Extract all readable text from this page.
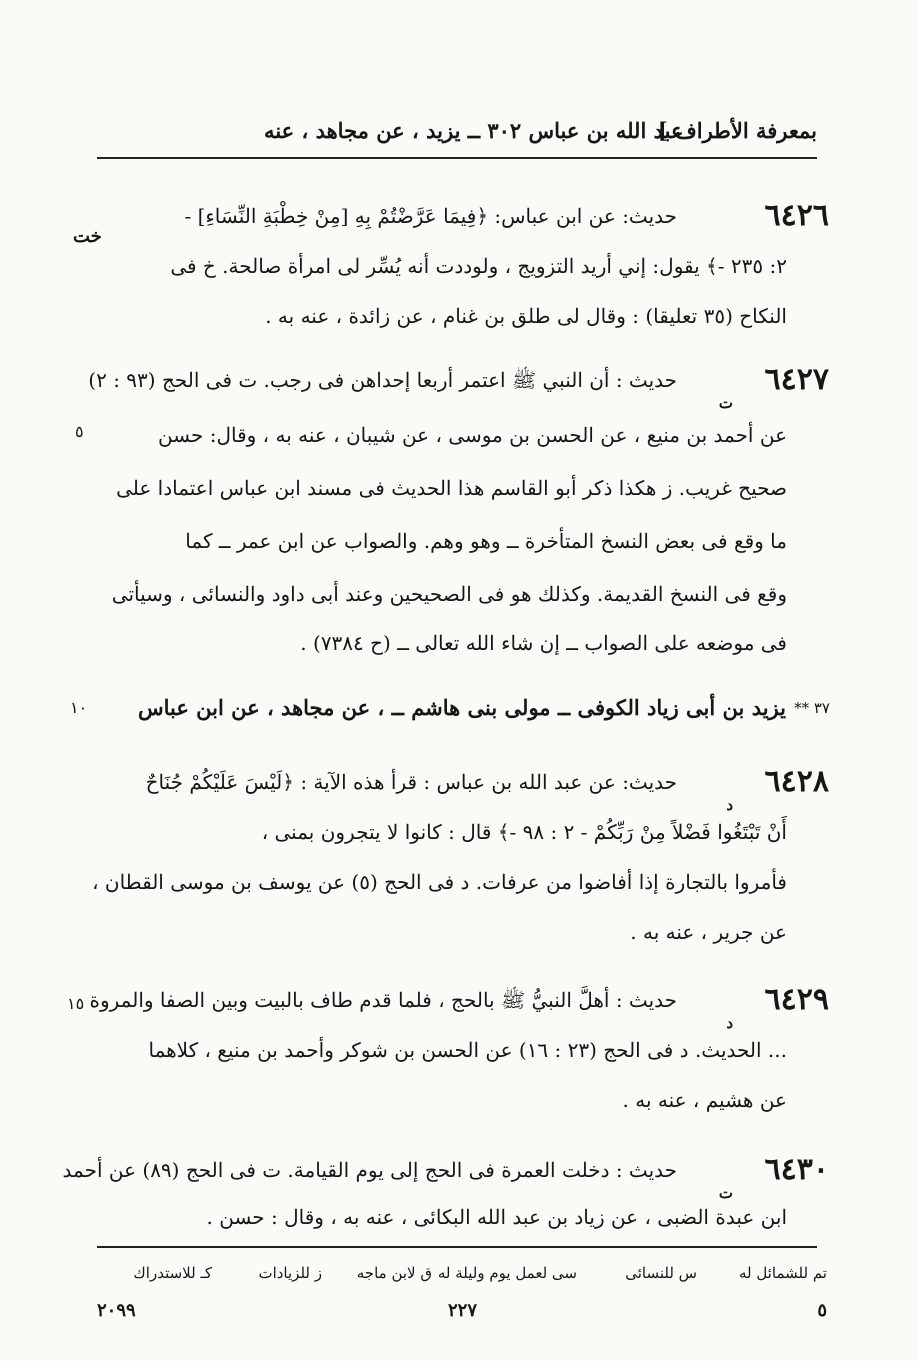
بمعرفة الأطراف ]
عبد الله بن عباس ٣٠٢ ــ يزيد ، عن مجاهد ، عنه
٦٤٢٦
خت
حديث: عن ابن عباس: ﴿فِيمَا عَرَّضْتُمْ بِهِ [مِنْ خِطْبَةِ النِّسَاءِ] -
٢: ٢٣٥ -﴾ يقول: إني أريد التزويج ، ولوددت أنه يُسِّر لى امرأة صالحة. خ فى
النكاح (٣٥ تعليقا) : وقال لى طلق بن غنام ، عن زائدة ، عنه به .
٦٤٢٧
ت
٥
حديث : أن النبي ﷺ اعتمر أربعا إحداهن فى رجب. ت فى الحج (٩٣ : ٢)
عن أحمد بن منيع ، عن الحسن بن موسى ، عن شيبان ، عنه به ، وقال: حسن
صحيح غريب. ز هكذا ذكر أبو القاسم هذا الحديث فى مسند ابن عباس اعتمادا على
ما وقع فى بعض النسخ المتأخرة ــ وهو وهم. والصواب عن ابن عمر ــ كما
وقع فى النسخ القديمة. وكذلك هو فى الصحيحين وعند أبى داود والنسائى ، وسيأتى
فى موضعه على الصواب ــ إن شاء الله تعالى ــ (ح ٧٣٨٤) .
٣٧ **
يزيد بن أبى زياد الكوفى ــ مولى بنى هاشم ــ ، عن مجاهد ، عن ابن عباس
١٠
٦٤٢٨
د
حديث: عن عبد الله بن عباس : قرأ هذه الآية : ﴿لَيْسَ عَلَيْكُمْ جُنَاحٌ
أَنْ تَبْتَغُوا فَضْلاً مِنْ رَبِّكُمْ - ٢ : ٩٨ -﴾ قال : كانوا لا يتجرون بمنى ،
فأمروا بالتجارة إذا أفاضوا من عرفات. د فى الحج (٥) عن يوسف بن موسى القطان ،
عن جرير ، عنه به .
٦٤٢٩
د
١٥ حديث : أهلَّ النبيُّ ﷺ بالحج ، فلما قدم طاف بالبيت وبين الصفا والمروة
... الحديث. د فى الحج (٢٣ : ١٦) عن الحسن بن شوكر وأحمد بن منيع ، كلاهما
عن هشيم ، عنه به .
٦٤٣٠
ت
حديث : دخلت العمرة فى الحج إلى يوم القيامة. ت فى الحج (٨٩) عن أحمد
ابن عبدة الضبى ، عن زياد بن عبد الله البكائى ، عنه به ، وقال : حسن .
تم للشمائل له
س للنسائى
سى لعمل يوم وليلة له
ق لابن ماجه
ز للزيادات
كـ للاستدراك
٥
٢٢٧
٢٠٩٩
